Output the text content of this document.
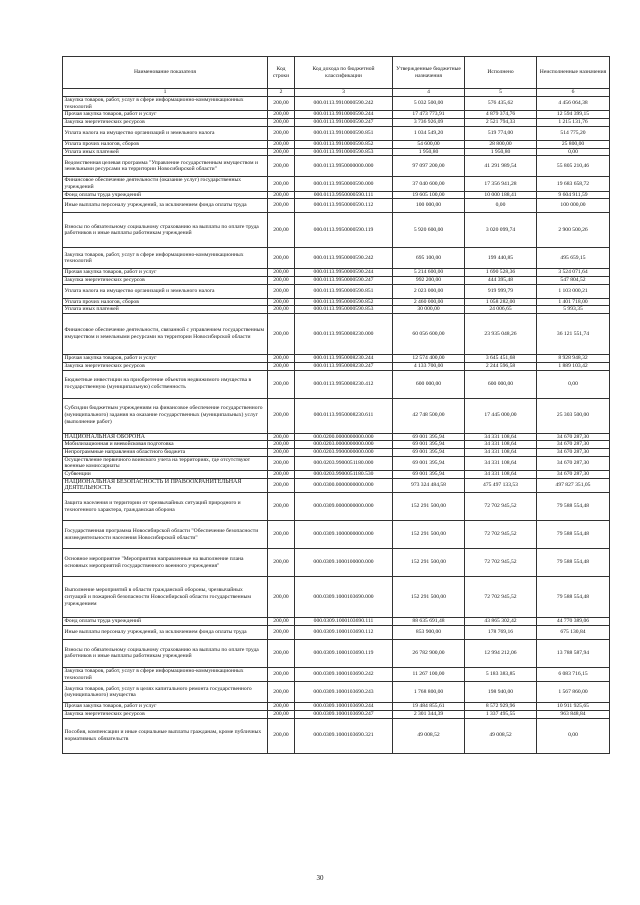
Наименование показателя	Код строки	Код дохода по бюджетной классификации	Утвержденные бюджетные назначения	Исполнено	Неисполненные назначения
1	2	3	4	5	6
Закупка товаров, работ, услуг в сфере информационно-коммуникационных технологий	200,00	000.0113.9910000590.242	5 032 500,00	576 435,62	4 456 064,38
Прочая закупка товаров, работ и услуг	200,00	000.0113.9910000590.244	17 473 773,91	4 879 374,76	12 594 399,15
Закупка энергетических ресурсов	200,00	000.0113.9910000590.247	3 736 926,09	2 521 794,33	1 215 131,76
Уплата налога на имущество организаций и земельного налога	200,00	000.0113.9910000590.851	1 034 549,20	519 774,00	514 775,20
Уплата прочих налогов, сборов	200,00	000.0113.9910000590.852	54 600,00	28 800,00	25 800,00
Уплата иных платежей	200,00	000.0113.9910000590.853	1 950,80	1 950,80	0,00
Ведомственная целевая программа "Управление государственным имуществом и земельными ресурсами на территории Новосибирской области"	200,00	000.0113.9950000000.000	97 097 200,00	41 291 989,54	55 805 210,46
Финансовое обеспечение деятельности (оказание услуг) государственных учреждений	200,00	000.0113.9950000590.000	37 040 600,00	17 356 941,28	19 683 658,72
Фонд оплаты труда учреждений	200,00	000.0113.9950000590.111	19 605 100,00	10 000 188,41	9 604 911,59
Иные выплаты персоналу учреждений, за исключением фонда оплаты труда	200,00	000.0113.9950000590.112	100 000,00	0,00	100 000,00
Взносы по обязательному социальному страхованию на выплаты по оплате труда работников и иные выплаты работникам учреждений	200,00	000.0113.9950000590.119	5 920 600,00	3 020 099,74	2 900 500,26
Закупка товаров, работ, услуг в сфере информационно-коммуникационных технологий	200,00	000.0113.9950000590.242	695 100,00	199 440,85	495 659,15
Прочая закупка товаров, работ и услуг	200,00	000.0113.9950000590.244	5 214 600,00	1 690 528,36	3 524 071,64
Закупка энергетических ресурсов	200,00	000.0113.9950000590.247	992 200,00	444 395,48	547 804,52
Уплата налога на имущество организаций и земельного налога	200,00	000.0113.9950000590.851	2 023 000,00	919 999,79	1 103 000,21
Уплата прочих налогов, сборов	200,00	000.0113.9950000590.852	2 460 000,00	1 058 282,00	1 401 718,00
Уплата иных платежей	200,00	000.0113.9950000590.853	30 000,00	24 006,65	5 993,35
Финансовое обеспечение деятельности, связанной с управлением государственным имуществом и земельными ресурсами на территории Новосибирской области	200,00	000.0113.9950008230.000	60 056 600,00	23 935 048,26	36 121 551,74
Прочая закупка товаров, работ и услуг	200,00	000.0113.9950008230.244	12 574 400,00	3 645 451,68	8 928 948,32
Закупка энергетических ресурсов	200,00	000.0113.9950008230.247	4 133 700,00	2 244 596,58	1 889 103,42
Бюджетные инвестиции на приобретение объектов недвижимого имущества в государственную (муниципальную) собственность	200,00	000.0113.9950008230.412	600 000,00	600 000,00	0,00
Субсидии бюджетным учреждениям на финансовое обеспечение государственного (муниципального) задания на оказание государственных (муниципальных) услуг (выполнение работ)	200,00	000.0113.9950008230.611	42 748 500,00	17 445 000,00	25 303 500,00
НАЦИОНАЛЬНАЯ ОБОРОНА	200,00	000.0200.0000000000.000	69 001 395,94	34 331 108,64	34 670 287,30
Мобилизационная и вневойсковая подготовка	200,00	000.0203.0000000000.000	69 001 395,94	34 331 108,64	34 670 287,30
Непрограммные направления областного бюджета	200,00	000.0203.9900000000.000	69 001 395,94	34 331 108,64	34 670 287,30
Осуществление первичного воинского учета на территориях, где отсутствуют военные комиссариаты	200,00	000.0203.9900051180.000	69 001 395,94	34 331 108,64	34 670 287,30
Субвенции	200,00	000.0203.9900051180.530	69 001 395,94	34 331 108,64	34 670 287,30
НАЦИОНАЛЬНАЯ БЕЗОПАСНОСТЬ И ПРАВООХРАНИТЕЛЬНАЯ ДЕЯТЕЛЬНОСТЬ	200,00	000.0300.0000000000.000	973 324 484,58	475 497 133,53	497 827 351,05
Защита населения и территории от чрезвычайных ситуаций природного и техногенного характера, гражданская оборона	200,00	000.0309.0000000000.000	152 291 500,00	72 702 945,52	79 588 554,48
Государственная программа Новосибирской области "Обеспечение безопасности жизнедеятельности населения Новосибирской области"	200,00	000.0309.1000000000.000	152 291 500,00	72 702 945,52	79 588 554,48
Основное мероприятие "Мероприятия направленные на выполнение плана основных мероприятий государственного военного учреждения"	200,00	000.0309.1000100000.000	152 291 500,00	72 702 945,52	79 588 554,48
Выполнение мероприятий в области гражданской обороны, чрезвычайных ситуаций и пожарной безопасности Новосибирской области государственным учреждением	200,00	000.0309.1000103690.000	152 291 500,00	72 702 945,52	79 588 554,48
Фонд оплаты труда учреждений	200,00	000.0309.1000103690.111	88 635 691,48	43 865 302,42	44 770 389,06
Иные выплаты персоналу учреждений, за исключением фонда оплаты труда	200,00	000.0309.1000103690.112	853 900,00	178 769,16	675 130,84
Взносы по обязательному социальному страхованию на выплаты по оплате труда работников и иные выплаты работникам учреждений	200,00	000.0309.1000103690.119	26 782 900,00	12 994 212,06	13 788 587,94
Закупка товаров, работ, услуг в сфере информационно-коммуникационных технологий	200,00	000.0309.1000103690.242	11 267 100,00	5 183 383,85	6 083 716,15
Закупка товаров, работ, услуг в целях капитального ремонта государственного (муниципального) имущества	200,00	000.0309.1000103690.243	1 768 800,00	198 940,00	1 567 860,00
Прочая закупка товаров, работ и услуг	200,00	000.0309.1000103690.244	19 484 855,61	8 572 929,96	10 911 925,65
Закупка энергетических ресурсов	200,00	000.0309.1000103690.247	2 301 344,39	1 337 495,55	963 848,84
Пособия, компенсации и иные социальные выплаты гражданам, кроме публичных нормативных обязательств	200,00	000.0309.1000103690.321	49 008,52	49 008,52	0,00
30
